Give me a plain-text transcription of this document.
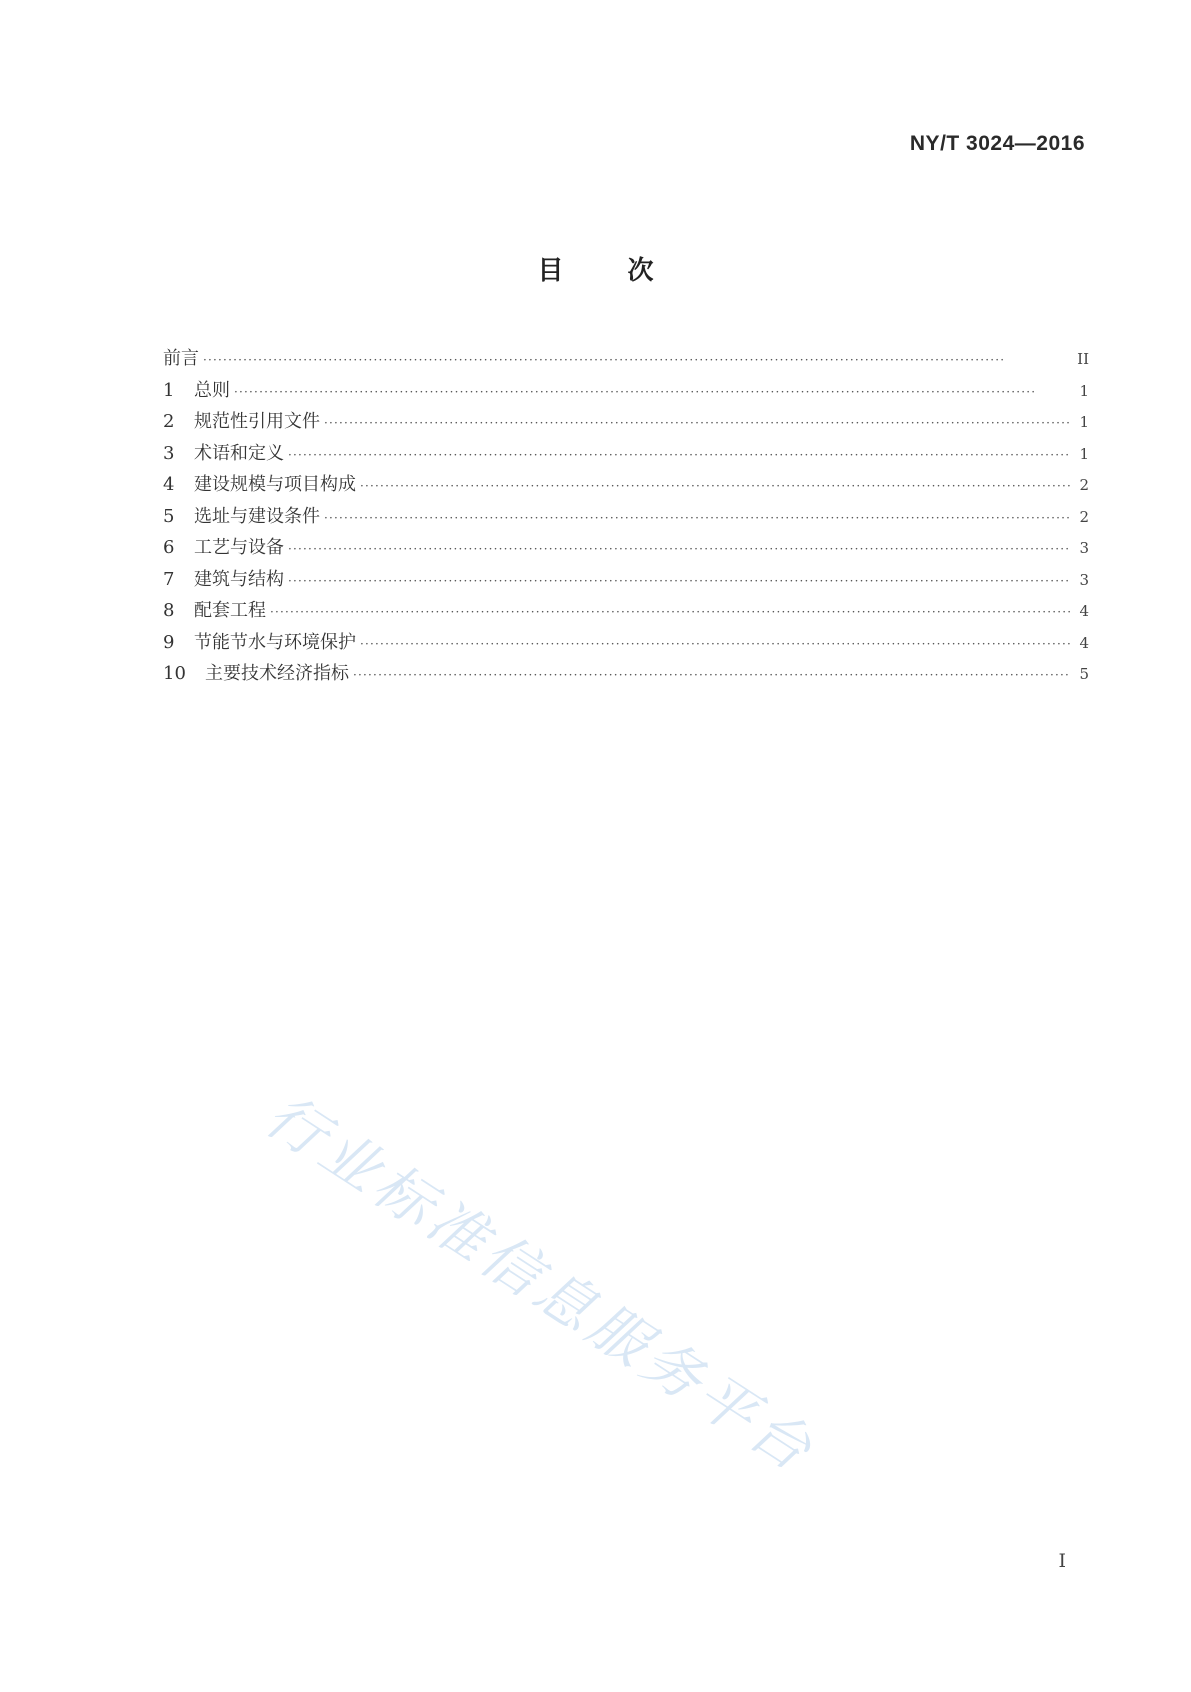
NY/T 3024—2016
目 次
前言 ·····	II
1	总则 ·····	1
2	规范性引用文件 ·····	1
3	术语和定义 ·····	1
4	建设规模与项目构成 ·····	2
5	选址与建设条件 ·····	2
6	工艺与设备 ·····	3
7	建筑与结构 ·····	3
8	配套工程 ·····	4
9	节能节水与环境保护 ·····	4
10	主要技术经济指标 ·····	5
行业标准信息服务平台
I
